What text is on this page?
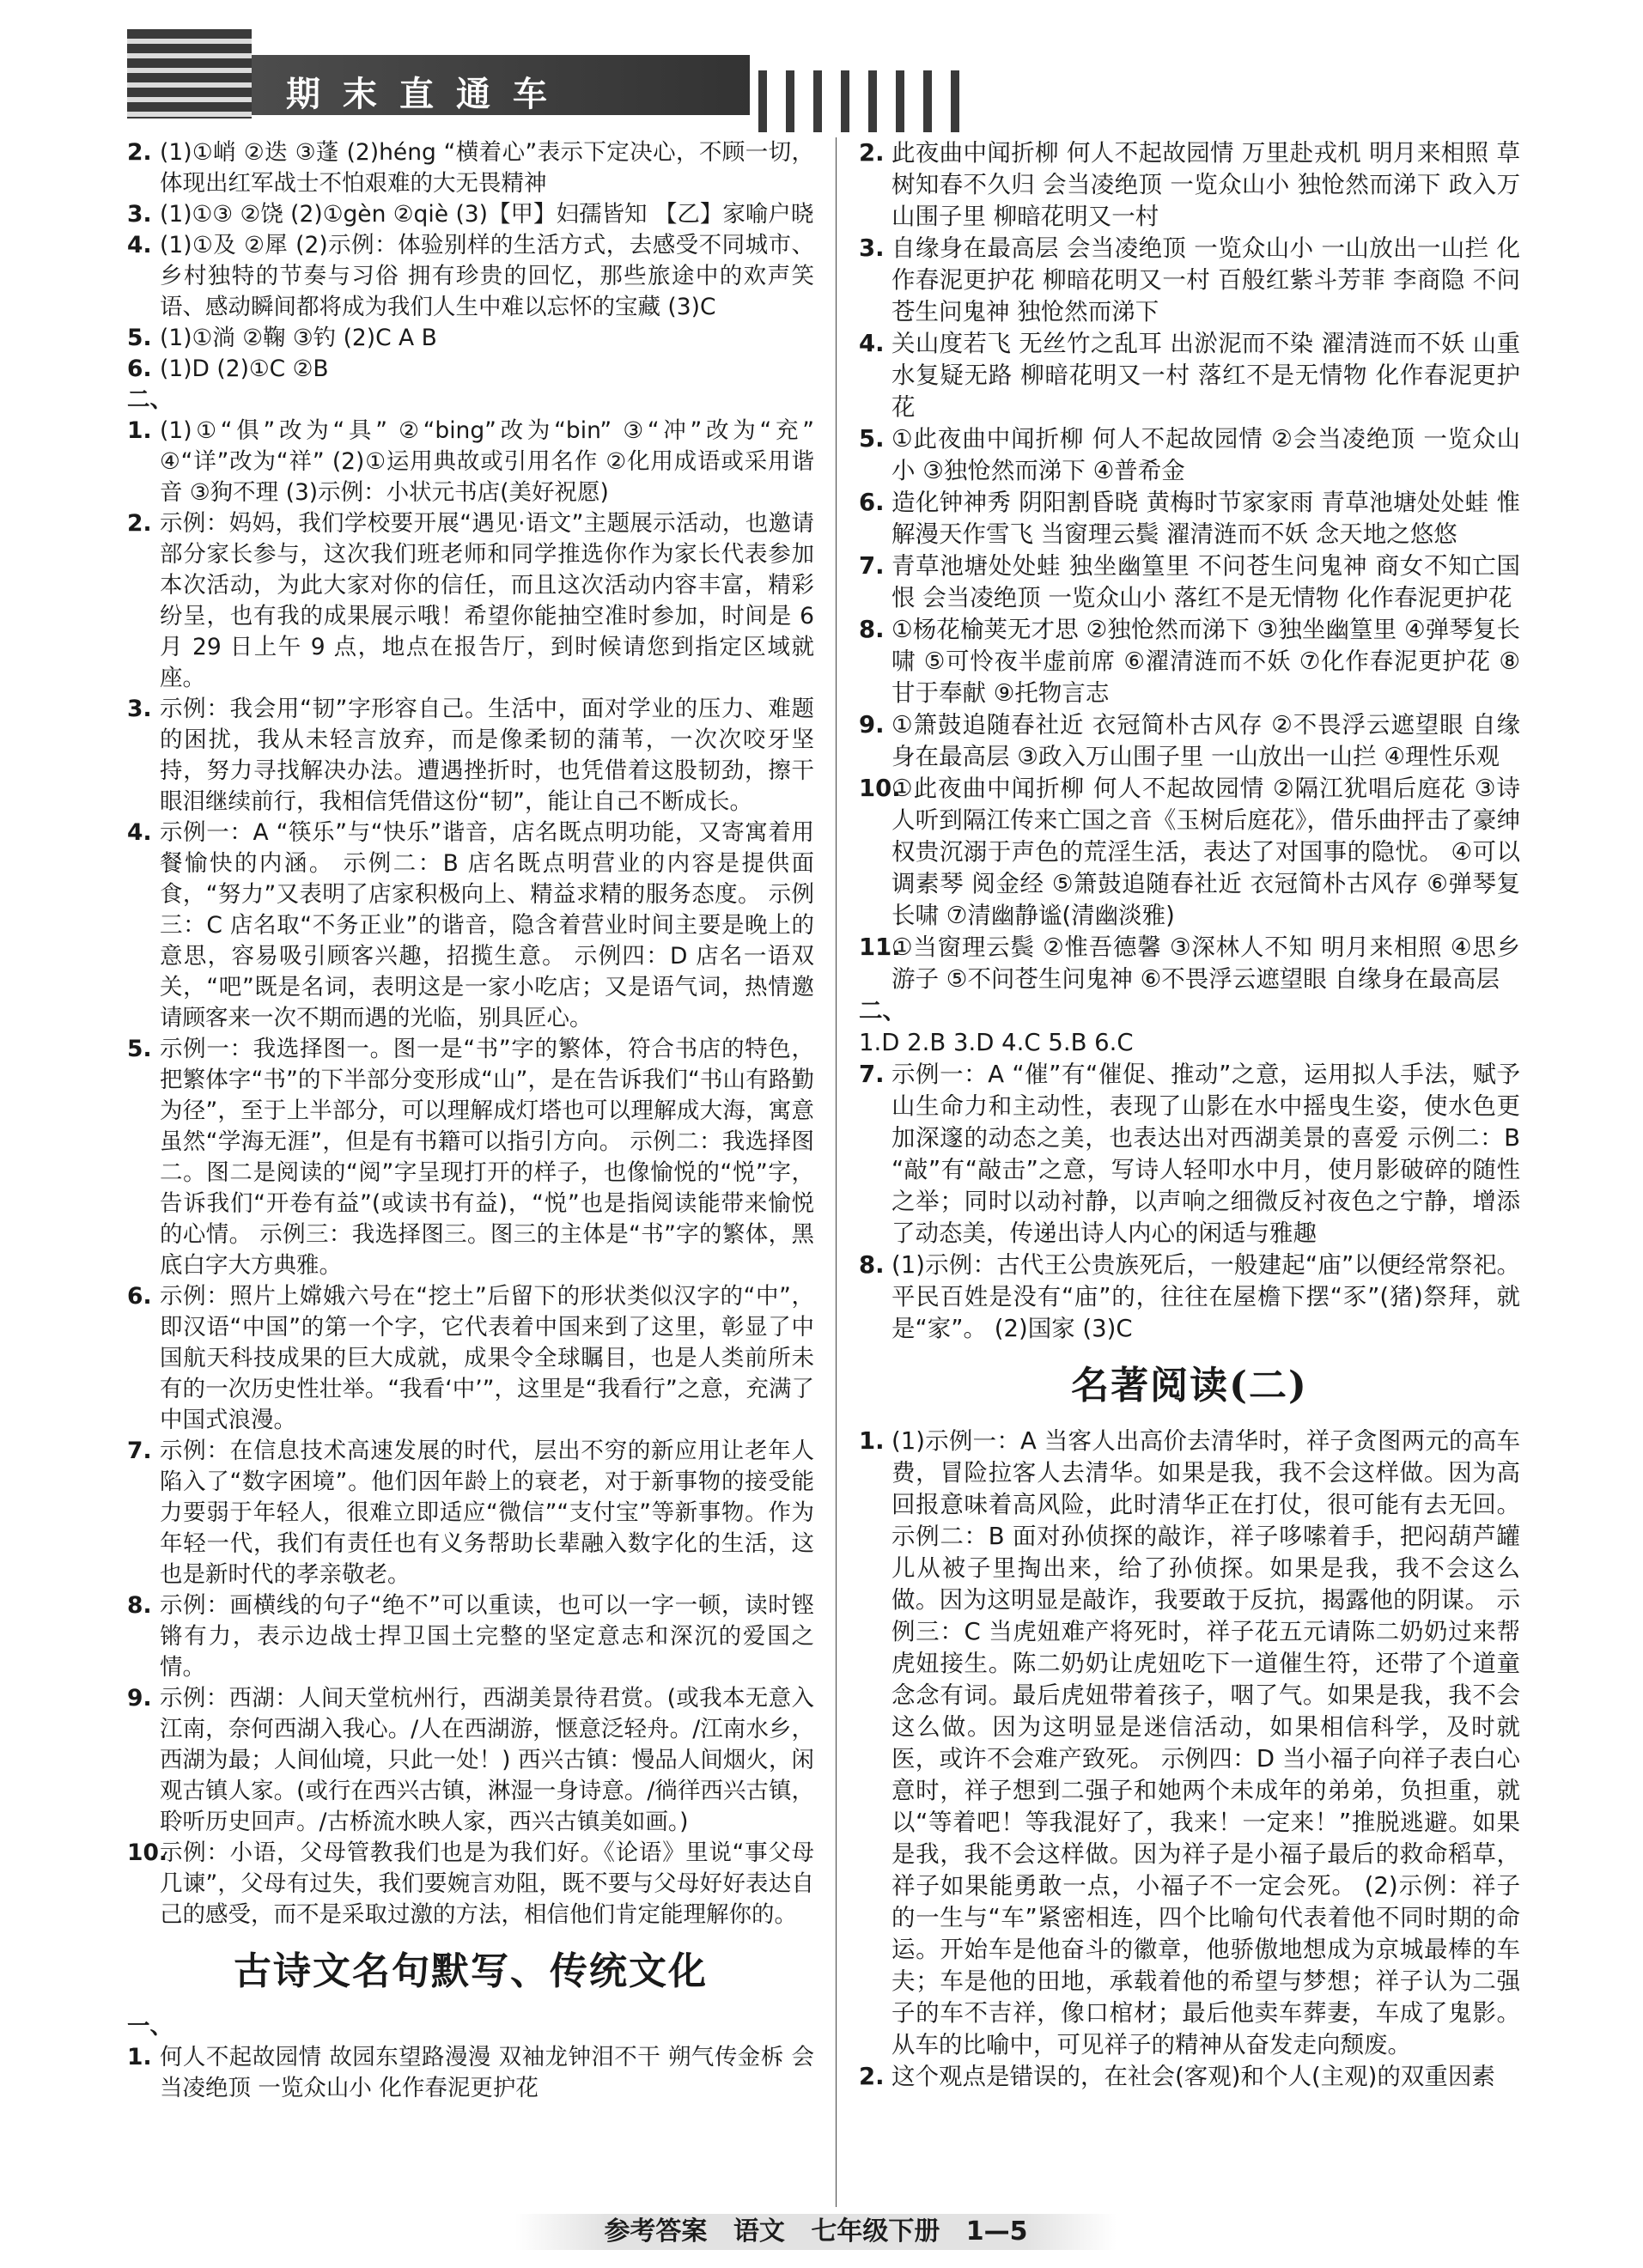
期末直通车
2. (1)①峭 ②迭 ③蓬 (2)héng “横着心”表示下定决心，不顾一切，体现出红军战士不怕艰难的大无畏精神
3. (1)①③ ②饶 (2)①gèn ②qiè (3)【甲】妇孺皆知 【乙】家喻户晓
4. (1)①及 ②犀 (2)示例：体验别样的生活方式，去感受不同城市、乡村独特的节奏与习俗 拥有珍贵的回忆，那些旅途中的欢声笑语、感动瞬间都将成为我们人生中难以忘怀的宝藏 (3)C
5. (1)①淌 ②鞠 ③钓 (2)C A B
6. (1)D (2)①C ②B
二、
1. (1)①“俱”改为“具” ②“bing”改为“bin” ③“冲”改为“充” ④“详”改为“祥” (2)①运用典故或引用名作 ②化用成语或采用谐音 ③狗不理 (3)示例：小状元书店(美好祝愿)
2. 示例：妈妈，我们学校要开展“遇见·语文”主题展示活动，也邀请部分家长参与，这次我们班老师和同学推选你作为家长代表参加本次活动，为此大家对你的信任，而且这次活动内容丰富，精彩纷呈，也有我的成果展示哦！希望你能抽空准时参加，时间是 6 月 29 日上午 9 点，地点在报告厅，到时候请您到指定区域就座。
3. 示例：我会用“韧”字形容自己。生活中，面对学业的压力、难题的困扰，我从未轻言放弃，而是像柔韧的蒲苇，一次次咬牙坚持，努力寻找解决办法。遭遇挫折时，也凭借着这股韧劲，擦干眼泪继续前行，我相信凭借这份“韧”，能让自己不断成长。
4. 示例一：A “筷乐”与“快乐”谐音，店名既点明功能，又寄寓着用餐愉快的内涵。 示例二：B 店名既点明营业的内容是提供面食，“努力”又表明了店家积极向上、精益求精的服务态度。 示例三：C 店名取“不务正业”的谐音，隐含着营业时间主要是晚上的意思，容易吸引顾客兴趣，招揽生意。 示例四：D 店名一语双关，“吧”既是名词，表明这是一家小吃店；又是语气词，热情邀请顾客来一次不期而遇的光临，别具匠心。
5. 示例一：我选择图一。图一是“书”字的繁体，符合书店的特色，把繁体字“书”的下半部分变形成“山”，是在告诉我们“书山有路勤为径”，至于上半部分，可以理解成灯塔也可以理解成大海，寓意虽然“学海无涯”，但是有书籍可以指引方向。 示例二：我选择图二。图二是阅读的“阅”字呈现打开的样子，也像愉悦的“悦”字，告诉我们“开卷有益”(或读书有益)，“悦”也是指阅读能带来愉悦的心情。 示例三：我选择图三。图三的主体是“书”字的繁体，黑底白字大方典雅。
6. 示例：照片上嫦娥六号在“挖土”后留下的形状类似汉字的“中”，即汉语“中国”的第一个字，它代表着中国来到了这里，彰显了中国航天科技成果的巨大成就，成果令全球瞩目，也是人类前所未有的一次历史性壮举。“我看‘中’”，这里是“我看行”之意，充满了中国式浪漫。
7. 示例：在信息技术高速发展的时代，层出不穷的新应用让老年人陷入了“数字困境”。他们因年龄上的衰老，对于新事物的接受能力要弱于年轻人，很难立即适应“微信”“支付宝”等新事物。作为年轻一代，我们有责任也有义务帮助长辈融入数字化的生活，这也是新时代的孝亲敬老。
8. 示例：画横线的句子“绝不”可以重读，也可以一字一顿，读时铿锵有力，表示边战士捍卫国土完整的坚定意志和深沉的爱国之情。
9. 示例：西湖：人间天堂杭州行，西湖美景待君赏。(或我本无意入江南，奈何西湖入我心。/人在西湖游，惬意泛轻舟。/江南水乡，西湖为最；人间仙境，只此一处！) 西兴古镇：慢品人间烟火，闲观古镇人家。(或行在西兴古镇，淋湿一身诗意。/徜徉西兴古镇，聆听历史回声。/古桥流水映人家，西兴古镇美如画。)
10.
示例：小语，父母管教我们也是为我们好。《论语》里说“事父母几谏”，父母有过失，我们要婉言劝阻，既不要与父母好好表达自己的感受，而不是采取过激的方法，相信他们肯定能理解你的。
古诗文名句默写、传统文化
一、
1. 何人不起故园情 故园东望路漫漫 双袖龙钟泪不干 朔气传金柝 会当凌绝顶 一览众山小 化作春泥更护花
2. 此夜曲中闻折柳 何人不起故园情 万里赴戎机 明月来相照 草树知春不久归 会当凌绝顶 一览众山小 独怆然而涕下 政入万山围子里 柳暗花明又一村
3. 自缘身在最高层 会当凌绝顶 一览众山小 一山放出一山拦 化作春泥更护花 柳暗花明又一村 百般红紫斗芳菲 李商隐 不问苍生问鬼神 独怆然而涕下
4. 关山度若飞 无丝竹之乱耳 出淤泥而不染 濯清涟而不妖 山重水复疑无路 柳暗花明又一村 落红不是无情物 化作春泥更护花
5. ①此夜曲中闻折柳 何人不起故园情 ②会当凌绝顶 一览众山小 ③独怆然而涕下 ④普希金
6. 造化钟神秀 阴阳割昏晓 黄梅时节家家雨 青草池塘处处蛙 惟解漫天作雪飞 当窗理云鬓 濯清涟而不妖 念天地之悠悠
7. 青草池塘处处蛙 独坐幽篁里 不问苍生问鬼神 商女不知亡国恨 会当凌绝顶 一览众山小 落红不是无情物 化作春泥更护花
8. ①杨花榆荚无才思 ②独怆然而涕下 ③独坐幽篁里 ④弹琴复长啸 ⑤可怜夜半虚前席 ⑥濯清涟而不妖 ⑦化作春泥更护花 ⑧甘于奉献 ⑨托物言志
9. ①箫鼓追随春社近 衣冠简朴古风存 ②不畏浮云遮望眼 自缘身在最高层 ③政入万山围子里 一山放出一山拦 ④理性乐观
10.
①此夜曲中闻折柳 何人不起故园情 ②隔江犹唱后庭花 ③诗人听到隔江传来亡国之音《玉树后庭花》，借乐曲抨击了豪绅权贵沉溺于声色的荒淫生活，表达了对国事的隐忧。 ④可以调素琴 阅金经 ⑤箫鼓追随春社近 衣冠简朴古风存 ⑥弹琴复长啸 ⑦清幽静谧(清幽淡雅)
11.
①当窗理云鬓 ②惟吾德馨 ③深林人不知 明月来相照 ④思乡游子 ⑤不问苍生问鬼神 ⑥不畏浮云遮望眼 自缘身在最高层
二、
1.D 2.B 3.D 4.C 5.B 6.C
7. 示例一：A “催”有“催促、推动”之意，运用拟人手法，赋予山生命力和主动性，表现了山影在水中摇曳生姿，使水色更加深邃的动态之美，也表达出对西湖美景的喜爱 示例二：B “敲”有“敲击”之意，写诗人轻叩水中月，使月影破碎的随性之举；同时以动衬静，以声响之细微反衬夜色之宁静，增添了动态美，传递出诗人内心的闲适与雅趣
8. (1)示例：古代王公贵族死后，一般建起“庙”以便经常祭祀。平民百姓是没有“庙”的，往往在屋檐下摆“豕”(猪)祭拜，就是“家”。 (2)国家 (3)C
名著阅读(二)
1. (1)示例一：A 当客人出高价去清华时，祥子贪图两元的高车费，冒险拉客人去清华。如果是我，我不会这样做。因为高回报意味着高风险，此时清华正在打仗，很可能有去无回。 示例二：B 面对孙侦探的敲诈，祥子哆嗦着手，把闷葫芦罐儿从被子里掏出来，给了孙侦探。如果是我，我不会这么做。因为这明显是敲诈，我要敢于反抗，揭露他的阴谋。 示例三：C 当虎妞难产将死时，祥子花五元请陈二奶奶过来帮虎妞接生。陈二奶奶让虎妞吃下一道催生符，还带了个道童念念有词。最后虎妞带着孩子，咽了气。如果是我，我不会这么做。因为这明显是迷信活动，如果相信科学，及时就医，或许不会难产致死。 示例四：D 当小福子向祥子表白心意时，祥子想到二强子和她两个未成年的弟弟，负担重，就以“等着吧！等我混好了，我来！一定来！”推脱逃避。如果是我，我不会这样做。因为祥子是小福子最后的救命稻草，祥子如果能勇敢一点，小福子不一定会死。 (2)示例：祥子的一生与“车”紧密相连，四个比喻句代表着他不同时期的命运。开始车是他奋斗的徽章，他骄傲地想成为京城最棒的车夫；车是他的田地，承载着他的希望与梦想；祥子认为二强子的车不吉祥，像口棺材；最后他卖车葬妻，车成了鬼影。从车的比喻中，可见祥子的精神从奋发走向颓废。
2. 这个观点是错误的，在社会(客观)和个人(主观)的双重因素
参考答案 语文 七年级下册 1—5
